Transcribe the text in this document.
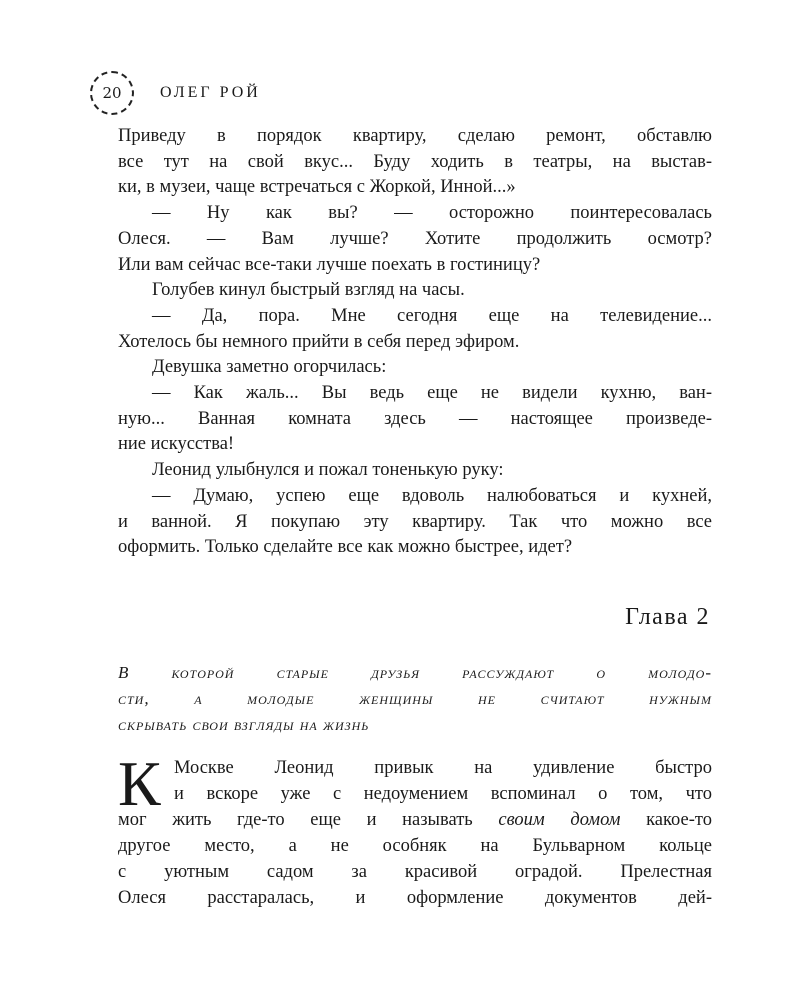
20	ОЛЕГ РОЙ
Приведу в порядок квартиру, сделаю ремонт, обставлю
все тут на свой вкус... Буду ходить в театры, на выстав-
ки, в музеи, чаще встречаться с Жоркой, Инной...»
— Ну как вы? — осторожно поинтересовалась
Олеся. — Вам лучше? Хотите продолжить осмотр?
Или вам сейчас все-таки лучше поехать в гостиницу?
Голубев кинул быстрый взгляд на часы.
— Да, пора. Мне сегодня еще на телевидение...
Хотелось бы немного прийти в себя перед эфиром.
Девушка заметно огорчилась:
— Как жаль... Вы ведь еще не видели кухню, ван-
ную... Ванная комната здесь — настоящее произведе-
ние искусства!
Леонид улыбнулся и пожал тоненькую руку:
— Думаю, успею еще вдоволь налюбоваться и кухней,
и ванной. Я покупаю эту квартиру. Так что можно все
оформить. Только сделайте все как можно быстрее, идет?
Глава 2
В которой старые друзья рассуждают о молодо-
сти, а молодые женщины не считают нужным
скрывать свои взгляды на жизнь
К Москве Леонид привык на удивление быстро
и вскоре уже с недоумением вспоминал о том, что
мог жить где-то еще и называть своим домом какое-то
другое место, а не особняк на Бульварном кольце
с уютным садом за красивой оградой. Прелестная
Олеся расстаралась, и оформление документов дей-
